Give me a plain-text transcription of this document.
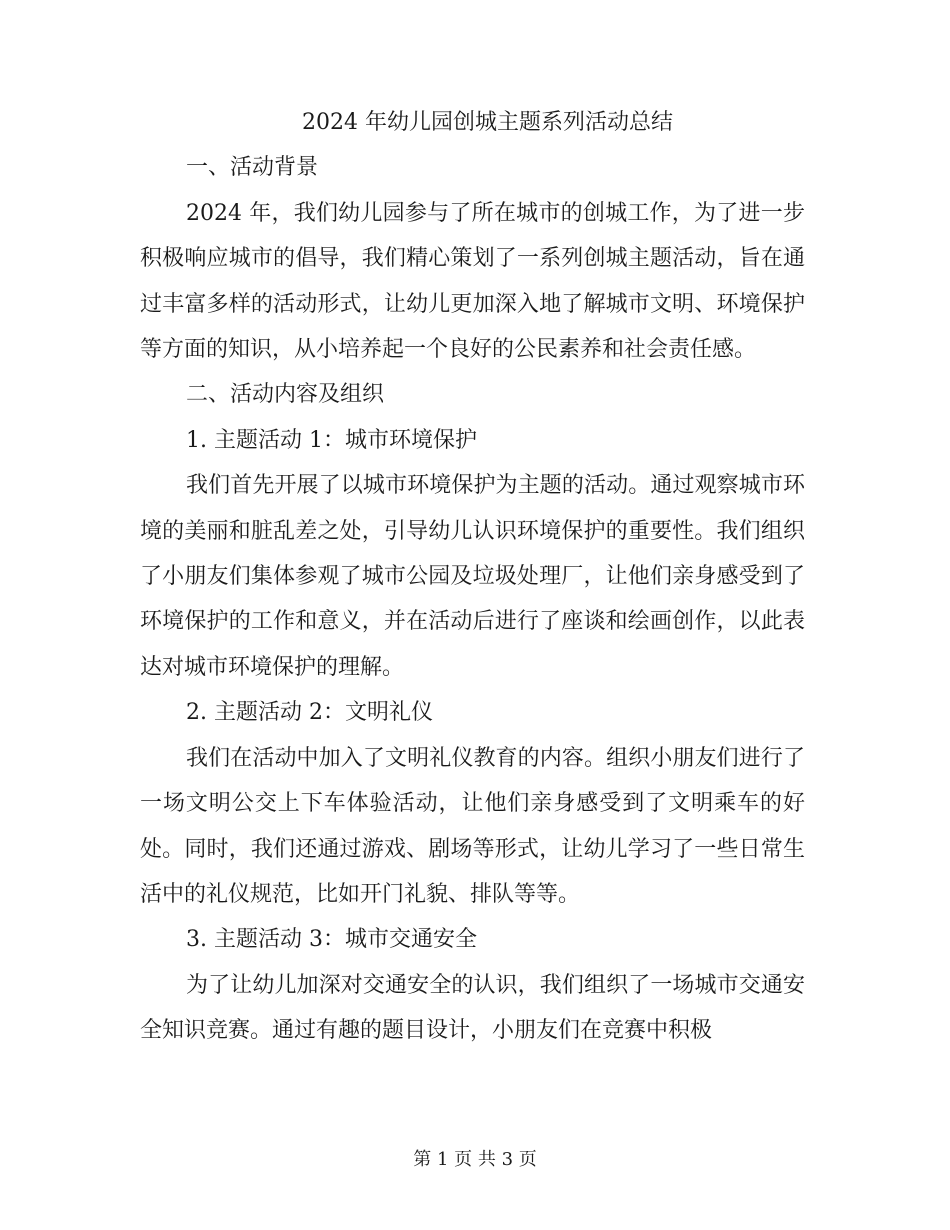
2024 年幼儿园创城主题系列活动总结

一、活动背景

2024 年，我们幼儿园参与了所在城市的创城工作，为了进一步积极响应城市的倡导，我们精心策划了一系列创城主题活动，旨在通过丰富多样的活动形式，让幼儿更加深入地了解城市文明、环境保护等方面的知识，从小培养起一个良好的公民素养和社会责任感。

二、活动内容及组织

1. 主题活动 1：城市环境保护

我们首先开展了以城市环境保护为主题的活动。通过观察城市环境的美丽和脏乱差之处，引导幼儿认识环境保护的重要性。我们组织了小朋友们集体参观了城市公园及垃圾处理厂，让他们亲身感受到了环境保护的工作和意义，并在活动后进行了座谈和绘画创作，以此表达对城市环境保护的理解。

2. 主题活动 2：文明礼仪

我们在活动中加入了文明礼仪教育的内容。组织小朋友们进行了一场文明公交上下车体验活动，让他们亲身感受到了文明乘车的好处。同时，我们还通过游戏、剧场等形式，让幼儿学习了一些日常生活中的礼仪规范，比如开门礼貌、排队等等。

3. 主题活动 3：城市交通安全

为了让幼儿加深对交通安全的认识，我们组织了一场城市交通安全知识竞赛。通过有趣的题目设计，小朋友们在竞赛中积极

第 1 页 共 3 页
